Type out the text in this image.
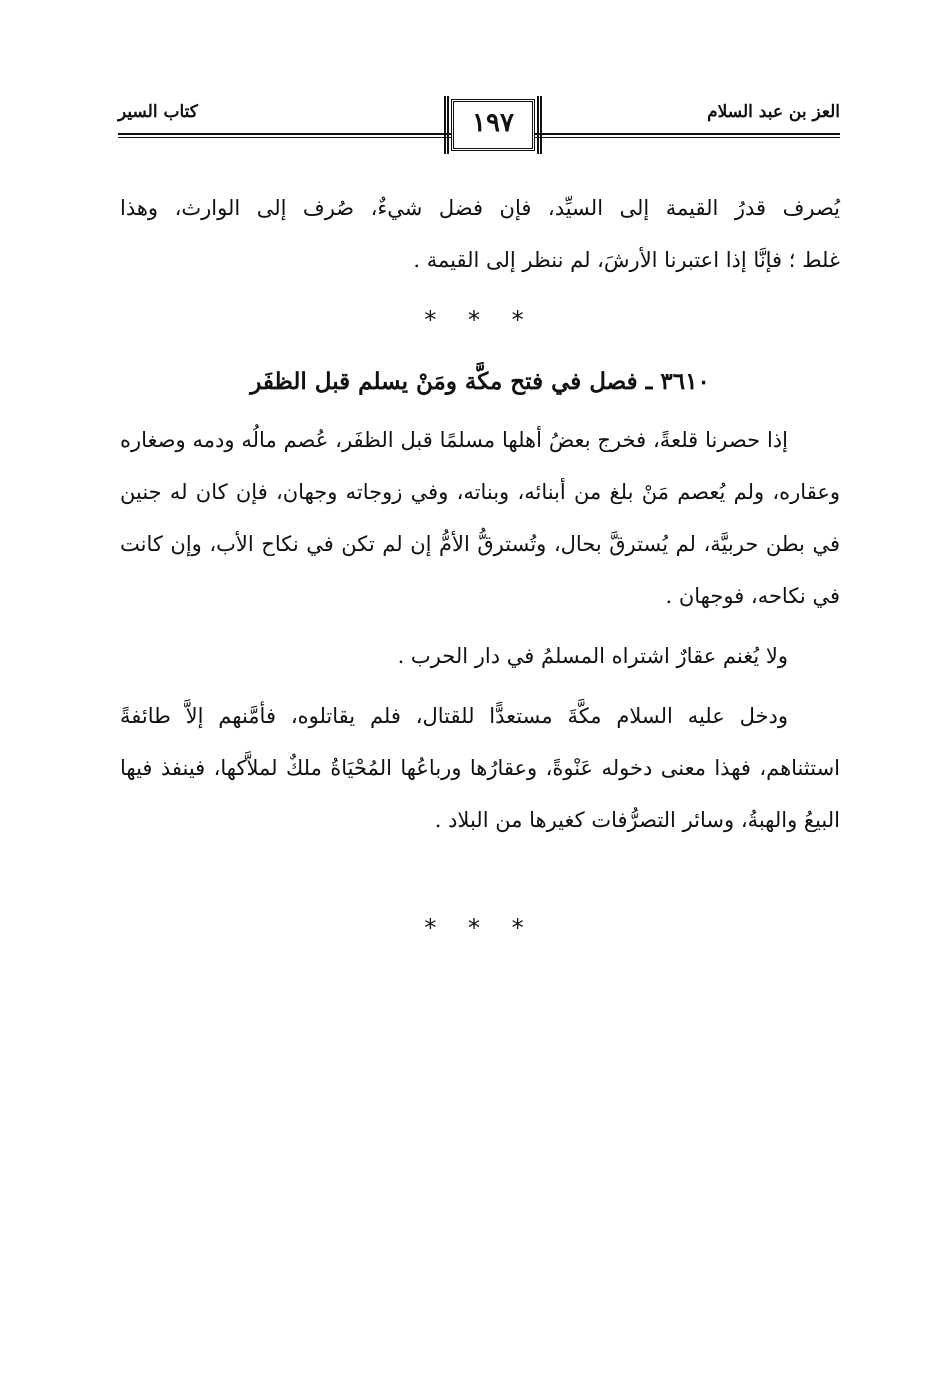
العز بن عبد السلام
كتاب السير	١٩٧

يُصرف قدرُ القيمة إلى السيِّد، فإن فضل شيءٌ، صُرف إلى الوارث، وهذا

غلط ؛ فإنَّا إذا اعتبرنا الأرشَ، لم ننظر إلى القيمة .

* * *
٣٦١٠ ـ فصل في فتح مكَّة ومَنْ يسلم قبل الظفَر

إذا حصرنا قلعةً، فخرج بعضُ أهلها مسلمًا قبل الظفَر، عُصم مالُه ودمه وصغاره وعقاره، ولم يُعصم مَنْ بلغ من أبنائه، وبناته، وفي زوجاته وجهان، فإن كان له جنين في بطن حربيَّة، لم يُسترقَّ بحال، وتُسترقُّ الأمُّ إن لم تكن في نكاح الأب، وإن كانت في نكاحه، فوجهان .

ولا يُغنم عقارٌ اشتراه المسلمُ في دار الحرب .

ودخل عليه السلام مكَّةَ مستعدًّا للقتال، فلم يقاتلوه، فأمَّنهم إلاَّ طائفةً استثناهم، فهذا معنى دخوله عَنْوةً، وعقارُها ورباعُها المُحْيَاةُ ملكٌ لملاَّكها، فينفذ فيها البيعُ والهبةُ، وسائر التصرُّفات كغيرها من البلاد .

* * *
